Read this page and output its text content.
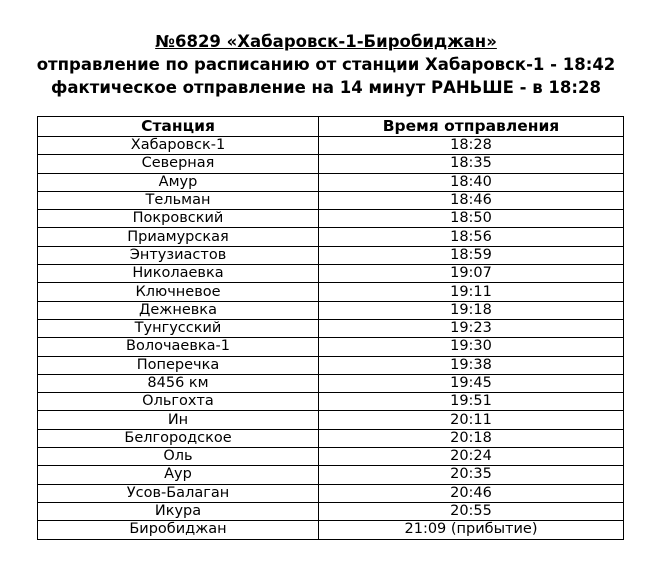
№6829 «Хабаровск-1-Биробиджан»
отправление по расписанию от станции Хабаровск-1 - 18:42
фактическое отправление на 14 минут РАНЬШЕ - в 18:28
Станция	Время отправления
Хабаровск-1	18:28
Северная	18:35
Амур	18:40
Тельман	18:46
Покровский	18:50
Приамурская	18:56
Энтузиастов	18:59
Николаевка	19:07
Ключневое	19:11
Дежневка	19:18
Тунгусский	19:23
Волочаевка-1	19:30
Поперечка	19:38
8456 км	19:45
Ольгохта	19:51
Ин	20:11
Белгородское	20:18
Оль	20:24
Аур	20:35
Усов-Балаган	20:46
Икура	20:55
Биробиджан	21:09 (прибытие)
